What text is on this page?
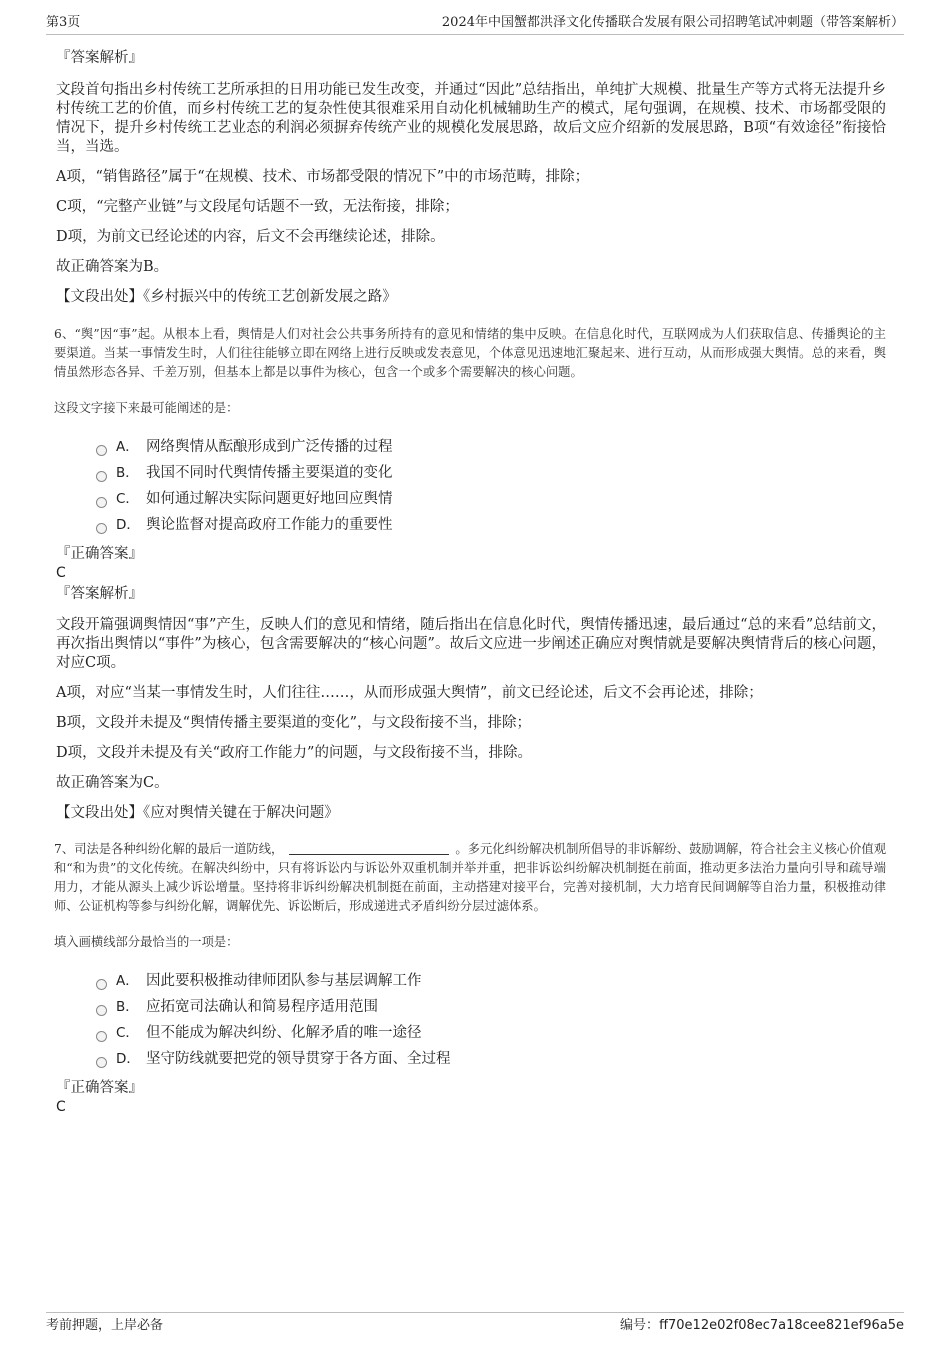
第3页	2024年中国蟹都洪泽文化传播联合发展有限公司招聘笔试冲刺题（带答案解析）

『答案解析』

文段首句指出乡村传统工艺所承担的日用功能已发生改变，并通过“因此”总结指出，单纯扩大规模、批量生产等方式将无法提升乡村传统工艺的价值，而乡村传统工艺的复杂性使其很难采用自动化机械辅助生产的模式，尾句强调，在规模、技术、市场都受限的情况下，提升乡村传统工艺业态的利润必须摒弃传统产业的规模化发展思路，故后文应介绍新的发展思路，B项“有效途径”衔接恰当，当选。

A项，“销售路径”属于“在规模、技术、市场都受限的情况下”中的市场范畴，排除；

C项，“完整产业链”与文段尾句话题不一致，无法衔接，排除；

D项，为前文已经论述的内容，后文不会再继续论述，排除。

故正确答案为B。

【文段出处】《乡村振兴中的传统工艺创新发展之路》

6、“舆”因“事”起。从根本上看，舆情是人们对社会公共事务所持有的意见和情绪的集中反映。在信息化时代，互联网成为人们获取信息、传播舆论的主要渠道。当某一事情发生时，人们往往能够立即在网络上进行反映或发表意见，个体意见迅速地汇聚起来、进行互动，从而形成强大舆情。总的来看，舆情虽然形态各异、千差万别，但基本上都是以事件为核心，包含一个或多个需要解决的核心问题。

这段文字接下来最可能阐述的是：

A． 网络舆情从酝酿形成到广泛传播的过程
B． 我国不同时代舆情传播主要渠道的变化
C． 如何通过解决实际问题更好地回应舆情
D． 舆论监督对提高政府工作能力的重要性

『正确答案』

C

『答案解析』

文段开篇强调舆情因“事”产生，反映人们的意见和情绪，随后指出在信息化时代，舆情传播迅速，最后通过“总的来看”总结前文，再次指出舆情以“事件”为核心，包含需要解决的“核心问题”。故后文应进一步阐述正确应对舆情就是要解决舆情背后的核心问题，对应C项。

A项，对应“当某一事情发生时，人们往往……，从而形成强大舆情”，前文已经论述，后文不会再论述，排除；

B项，文段并未提及“舆情传播主要渠道的变化”，与文段衔接不当，排除；

D项，文段并未提及有关“政府工作能力”的问题，与文段衔接不当，排除。

故正确答案为C。

【文段出处】《应对舆情关键在于解决问题》

7、司法是各种纠纷化解的最后一道防线，	。多元化纠纷解决机制所倡导的非诉解纷、鼓励调解，符合社会主义核心价值观和“和为贵”的文化传统。在解决纠纷中，只有将诉讼内与诉讼外双重机制并举并重，把非诉讼纠纷解决机制挺在前面，推动更多法治力量向引导和疏导端用力，才能从源头上减少诉讼增量。坚持将非诉纠纷解决机制挺在前面，主动搭建对接平台，完善对接机制，大力培育民间调解等自治力量，积极推动律师、公证机构等参与纠纷化解，调解优先、诉讼断后，形成递进式矛盾纠纷分层过滤体系。

填入画横线部分最恰当的一项是：

A． 因此要积极推动律师团队参与基层调解工作
B． 应拓宽司法确认和简易程序适用范围
C． 但不能成为解决纠纷、化解矛盾的唯一途径
D． 坚守防线就要把党的领导贯穿于各方面、全过程

『正确答案』

C

考前押题，上岸必备	编号：ff70e12e02f08ec7a18cee821ef96a5e
